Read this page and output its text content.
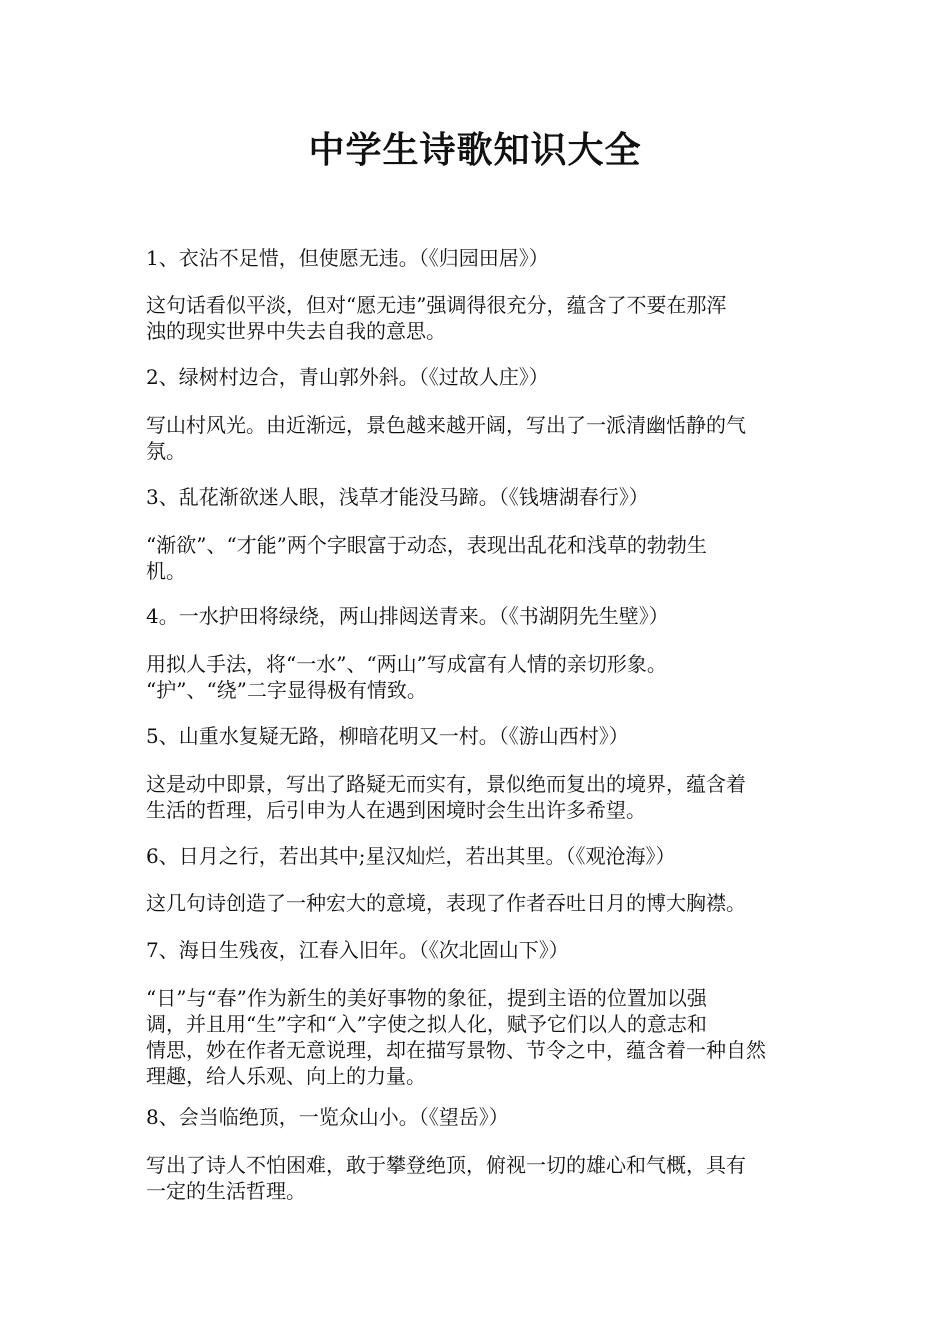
中学生诗歌知识大全

1、衣沾不足惜，但使愿无违。（《归园田居》）

这句话看似平淡，但对“愿无违”强调得很充分，蕴含了不要在那浑

浊的现实世界中失去自我的意思。

2、绿树村边合，青山郭外斜。（《过故人庄》）

写山村风光。由近渐远，景色越来越开阔，写出了一派清幽恬静的气

氛。

3、乱花渐欲迷人眼，浅草才能没马蹄。（《钱塘湖春行》）

“渐欲”、“才能”两个字眼富于动态，表现出乱花和浅草的勃勃生

机。

4。一水护田将绿绕，两山排闼送青来。（《书湖阴先生壁》）

用拟人手法，将“一水”、“两山”写成富有人情的亲切形象。

“护”、“绕”二字显得极有情致。

5、山重水复疑无路，柳暗花明又一村。（《游山西村》）

这是动中即景，写出了路疑无而实有，景似绝而复出的境界，蕴含着

生活的哲理，后引申为人在遇到困境时会生出许多希望。

6、日月之行，若出其中;星汉灿烂，若出其里。（《观沧海》）

这几句诗创造了一种宏大的意境，表现了作者吞吐日月的博大胸襟。

7、海日生残夜，江春入旧年。（《次北固山下》）

“日”与“春”作为新生的美好事物的象征，提到主语的位置加以强

调，并且用“生”字和“入”字使之拟人化，赋予它们以人的意志和

情思，妙在作者无意说理，却在描写景物、节令之中，蕴含着一种自然

理趣，给人乐观、向上的力量。

8、会当临绝顶，一览众山小。（《望岳》）

写出了诗人不怕困难，敢于攀登绝顶，俯视一切的雄心和气概，具有

一定的生活哲理。
